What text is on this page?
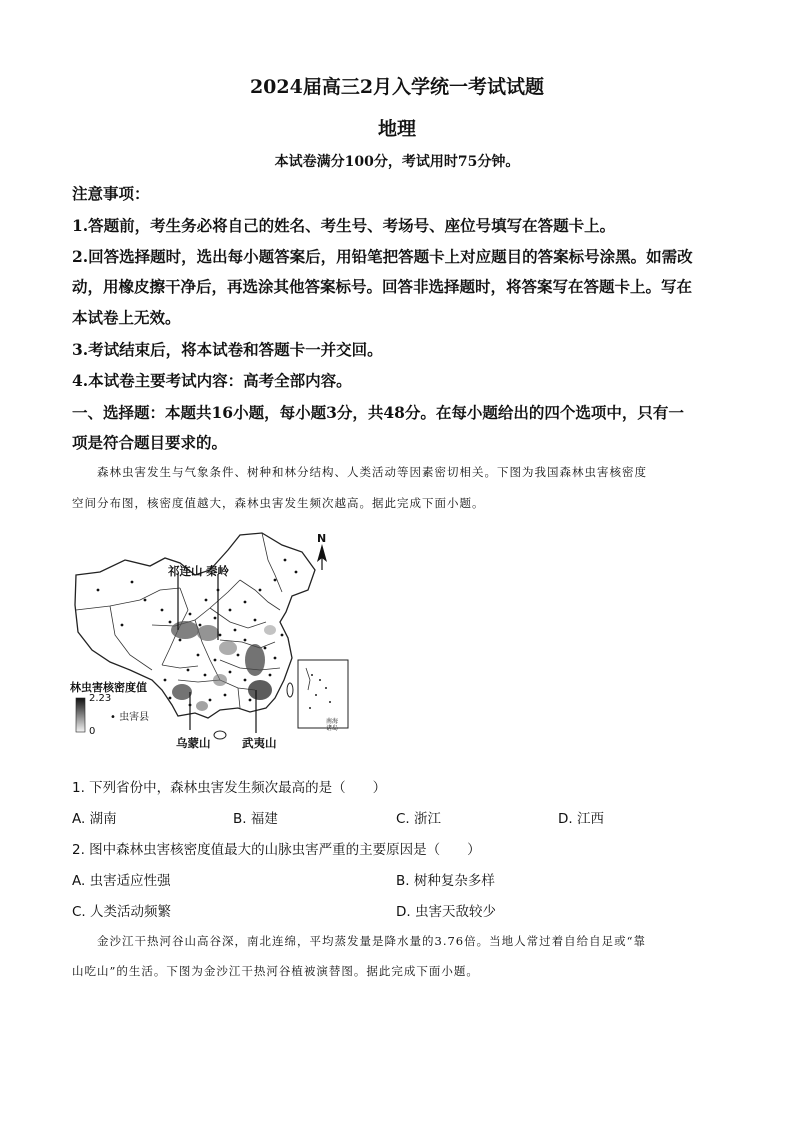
2024届高三2月入学统一考试试题
地理
本试卷满分100分，考试用时75分钟。
注意事项：
1.答题前，考生务必将自己的姓名、考生号、考场号、座位号填写在答题卡上。
2.回答选择题时，选出每小题答案后，用铅笔把答题卡上对应题目的答案标号涂黑。如需改
动，用橡皮擦干净后，再选涂其他答案标号。回答非选择题时，将答案写在答题卡上。写在
本试卷上无效。
3.考试结束后，将本试卷和答题卡一并交回。
4.本试卷主要考试内容：高考全部内容。
一、选择题：本题共16小题，每小题3分，共48分。在每小题给出的四个选项中，只有一
项是符合题目要求的。
森林虫害发生与气象条件、树种和林分结构、人类活动等因素密切相关。下图为我国森林虫害核密度
空间分布图，核密度值越大，森林虫害发生频次越高。据此完成下面小题。
祁连山 秦岭
乌蒙山	武夷山
N
林虫害核密度值
2.23
0
• 虫害县	南海
诸岛
1. 下列省份中，森林虫害发生频次最高的是（　　）
A. 湖南	B. 福建	C. 浙江	D. 江西
2. 图中森林虫害核密度值最大的山脉虫害严重的主要原因是（　　）
A. 虫害适应性强	B. 树种复杂多样
C. 人类活动频繁	D. 虫害天敌较少
金沙江干热河谷山高谷深，南北连绵，平均蒸发量是降水量的3.76倍。当地人常过着自给自足或“靠
山吃山”的生活。下图为金沙江干热河谷植被演替图。据此完成下面小题。
